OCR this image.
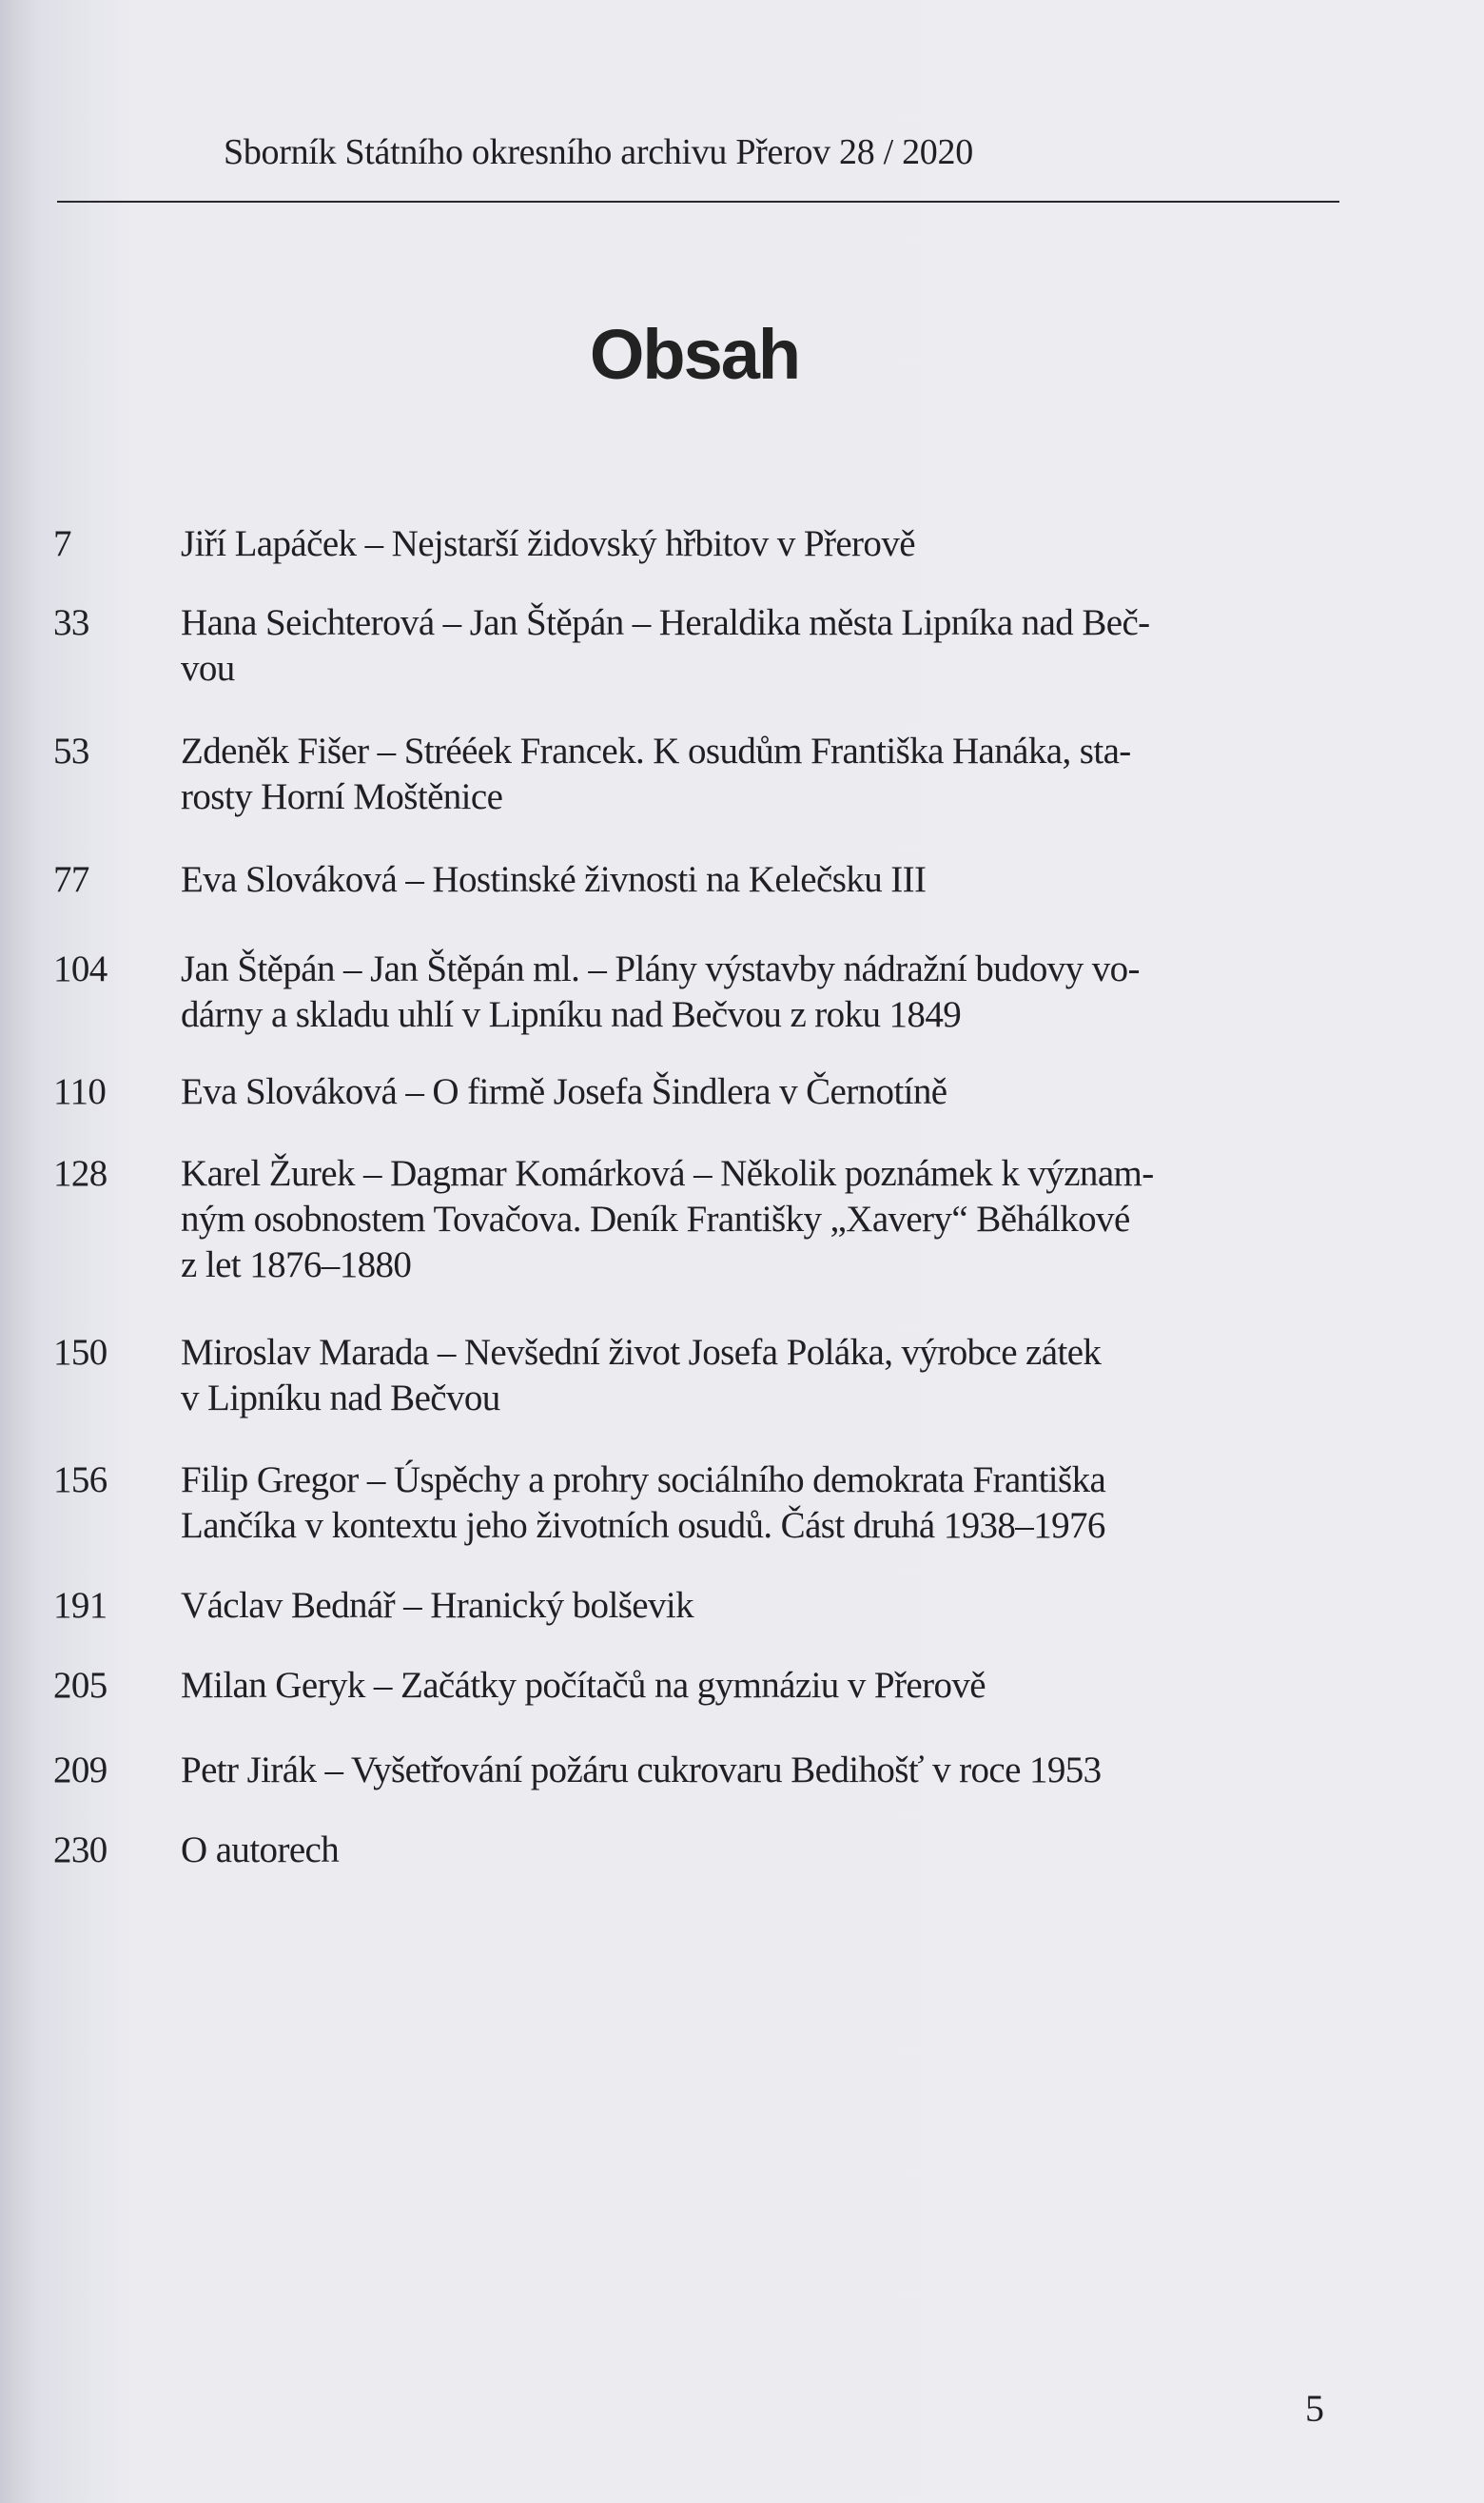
Sborník Státního okresního archivu Přerov 28 / 2020
Obsah
7	Jiří Lapáček – Nejstarší židovský hřbitov v Přerově
33 Hana Seichterová – Jan Štěpán – Heraldika města Lipníka nad Beč-
vou
53 Zdeněk Fišer – Strééek Francek. K osudům Františka Hanáka, sta-
rosty Horní Moštěnice
77 Eva Slováková – Hostinské živnosti na Kelečsku III
104 Jan Štěpán – Jan Štěpán ml. – Plány výstavby nádražní budovy vo-
dárny a skladu uhlí v Lipníku nad Bečvou z roku 1849
110 Eva Slováková – O firmě Josefa Šindlera v Černotíně
128 Karel Žurek – Dagmar Komárková – Několik poznámek k význam-
ným osobnostem Tovačova. Deník Františky „Xavery“ Běhálkové
z let 1876–1880
150 Miroslav Marada – Nevšední život Josefa Poláka, výrobce zátek
v Lipníku nad Bečvou
156 Filip Gregor – Úspěchy a prohry sociálního demokrata Františka
Lančíka v kontextu jeho životních osudů. Část druhá 1938–1976
191 Václav Bednář – Hranický bolševik
205 Milan Geryk – Začátky počítačů na gymnáziu v Přerově
209 Petr Jirák – Vyšetřování požáru cukrovaru Bedihošť v roce 1953
230 O autorech
5
